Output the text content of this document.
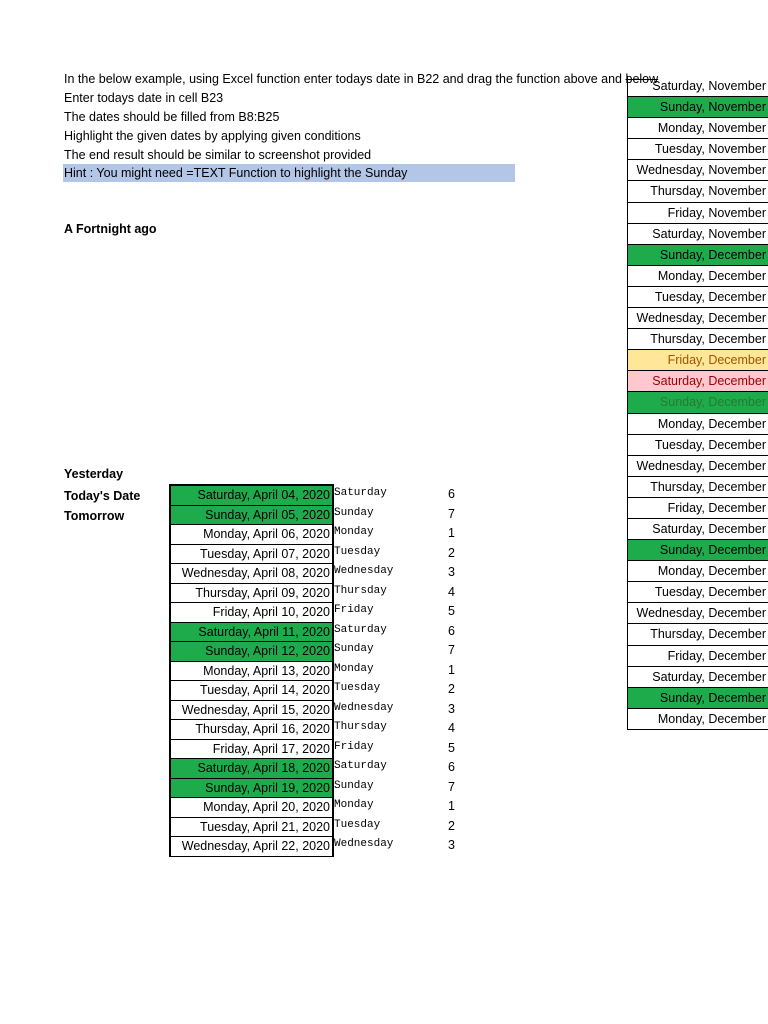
In the below example, using Excel function enter todays date in B22 and drag the function above and below
Enter todays date in cell B23
The dates should be filled from B8:B25
Highlight the given dates by applying given conditions
The end result should be similar to screenshot provided
Hint : You might need =TEXT Function to highlight the Sunday
A Fortnight ago
Yesterday
Today's Date
Tomorrow
Saturday, April 04, 2020
Sunday, April 05, 2020
Monday, April 06, 2020
Tuesday, April 07, 2020
Wednesday, April 08, 2020
Thursday, April 09, 2020
Friday, April 10, 2020
Saturday, April 11, 2020
Sunday, April 12, 2020
Monday, April 13, 2020
Tuesday, April 14, 2020
Wednesday, April 15, 2020
Thursday, April 16, 2020
Friday, April 17, 2020
Saturday, April 18, 2020
Sunday, April 19, 2020
Monday, April 20, 2020
Tuesday, April 21, 2020
Wednesday, April 22, 2020
Saturday
Sunday
Monday
Tuesday
Wednesday
Thursday
Friday
Saturday
Sunday
Monday
Tuesday
Wednesday
Thursday
Friday
Saturday
Sunday
Monday
Tuesday
Wednesday
6
7
1
2
3
4
5
6
7
1
2
3
4
5
6
7
1
2
3
Saturday, November
Sunday, November
Monday, November
Tuesday, November
Wednesday, November
Thursday, November
Friday, November
Saturday, November
Sunday, December
Monday, December
Tuesday, December
Wednesday, December
Thursday, December
Friday, December
Saturday, December
Sunday, December
Monday, December
Tuesday, December
Wednesday, December
Thursday, December
Friday, December
Saturday, December
Sunday, December
Monday, December
Tuesday, December
Wednesday, December
Thursday, December
Friday, December
Saturday, December
Sunday, December
Monday, December
